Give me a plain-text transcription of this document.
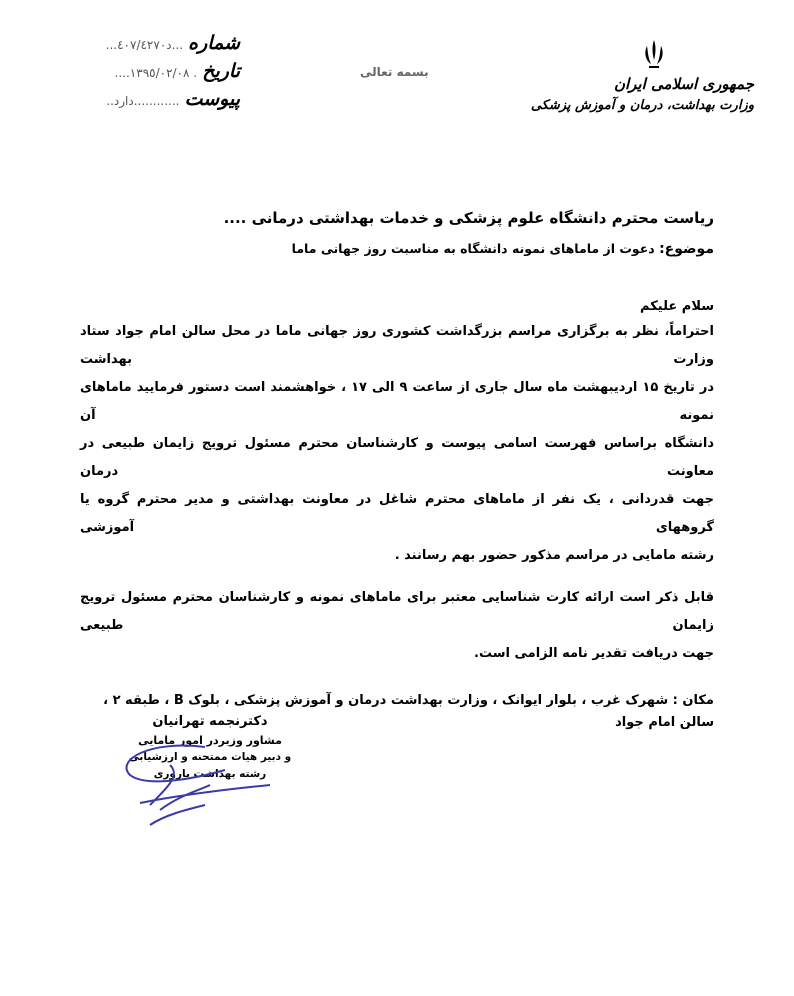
جمهوری اسلامی ایران
وزارت بهداشت، درمان و آموزش پزشکی
بسمه تعالی
شماره ...د٤٠٧/٤٢٧٠...
تاریخ . ١٣٩٥/٠٢/٠٨....
پیوست ............دارد..

ریاست محترم دانشگاه علوم پزشکی و خدمات بهداشتی درمانی ....

موضوع: دعوت از ماماهای نمونه دانشگاه به مناسبت روز جهانی ماما

سلام علیکم

احتراماً، نظر به برگزاری مراسم بزرگداشت کشوری روز جهانی ماما در محل سالن امام جواد ستاد وزارت بهداشت
در تاریخ ۱۵ اردیبهشت ماه سال جاری از ساعت ۹ الی ۱۷ ، خواهشمند است دستور فرمایید ماماهای نمونه آن
دانشگاه براساس فهرست اسامی پیوست و کارشناسان محترم مسئول ترویج زایمان طبیعی در معاونت درمان
جهت قدردانی ، یک نفر از ماماهای محترم شاغل در معاونت بهداشتی و مدیر محترم گروه یا گروههای آموزشی
رشته مامایی در مراسم مذکور حضور بهم رسانند .

قابل ذکر است ارائه کارت شناسایی معتبر برای ماماهای نمونه و کارشناسان محترم مسئول ترویج زایمان طبیعی
جهت دریافت تقدیر نامه الزامی است.

مکان : شهرک غرب ، بلوار ایوانک ، وزارت بهداشت درمان و آموزش پزشکی ، بلوک B ، طبقه ۲ ، سالن امام جواد

دکترنجمه تهرانیان
مشاور وزیردر امور مامایی
و دبیر هیات ممتحنه و ارزشیابی
رشته بهداشت باروری
